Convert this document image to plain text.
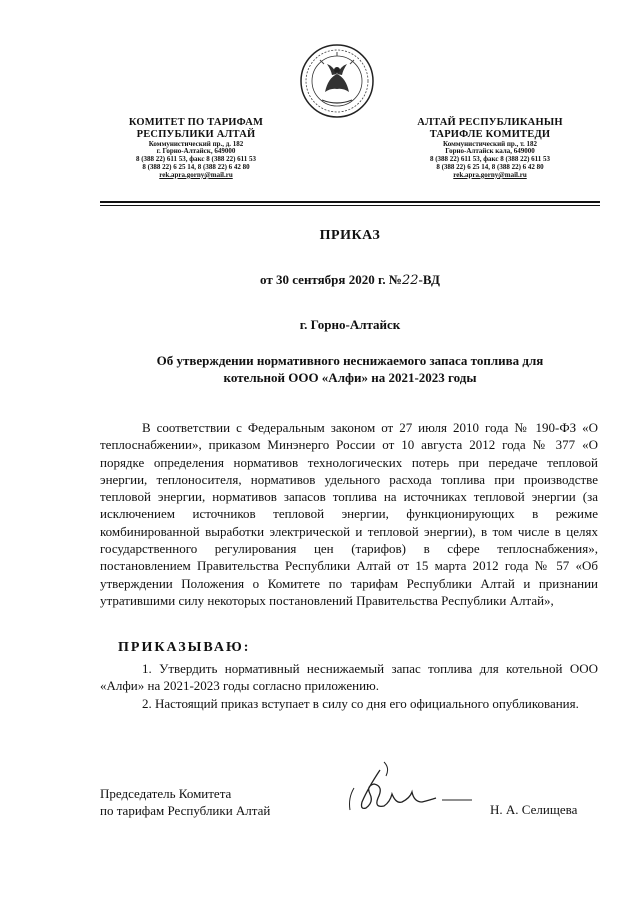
КОМИТЕТ ПО ТАРИФАМ
РЕСПУБЛИКИ АЛТАЙ
Коммунистический пр., д. 182
г. Горно-Алтайск, 649000
8 (388 22) 611 53, факс 8 (388 22) 611 53
8 (388 22) 6 25 14, 8 (388 22) 6 42 80
rek.apra.gorny@mail.ru
АЛТАЙ РЕСПУБЛИКАНЫН
ТАРИФЛЕ КОМИТЕДИ
Коммунистический пр., т. 182
Горно-Алтайск кала, 649000
8 (388 22) 611 53, факс 8 (388 22) 611 53
8 (388 22) 6 25 14, 8 (388 22) 6 42 80
rek.apra.gorny@mail.ru
ПРИКАЗ
от 30 сентября 2020 г. №22-ВД
г. Горно-Алтайск
Об утверждении нормативного неснижаемого запаса топлива для
котельной ООО «Алфи» на 2021-2023 годы

В соответствии с Федеральным законом от 27 июля 2010 года № 190-ФЗ «О теплоснабжении», приказом Минэнерго России от 10 августа 2012 года № 377 «О порядке определения нормативов технологических потерь при передаче тепловой энергии, теплоносителя, нормативов удельного расхода топлива при производстве тепловой энергии, нормативов запасов топлива на источниках тепловой энергии (за исключением источников тепловой энергии, функционирующих в режиме комбинированной выработки электрической и тепловой энергии), в том числе в целях государственного регулирования цен (тарифов) в сфере теплоснабжения», постановлением Правительства Республики Алтай от 15 марта 2012 года № 57 «Об утверждении Положения о Комитете по тарифам Республики Алтай и признании утратившими силу некоторых постановлений Правительства Республики Алтай»,

ПРИКАЗЫВАЮ:

1. Утвердить нормативный неснижаемый запас топлива для котельной ООО «Алфи» на 2021-2023 годы согласно приложению.

2. Настоящий приказ вступает в силу со дня его официального опубликования.

Председатель Комитета
по тарифам Республики Алтай	Н. А. Селищева
